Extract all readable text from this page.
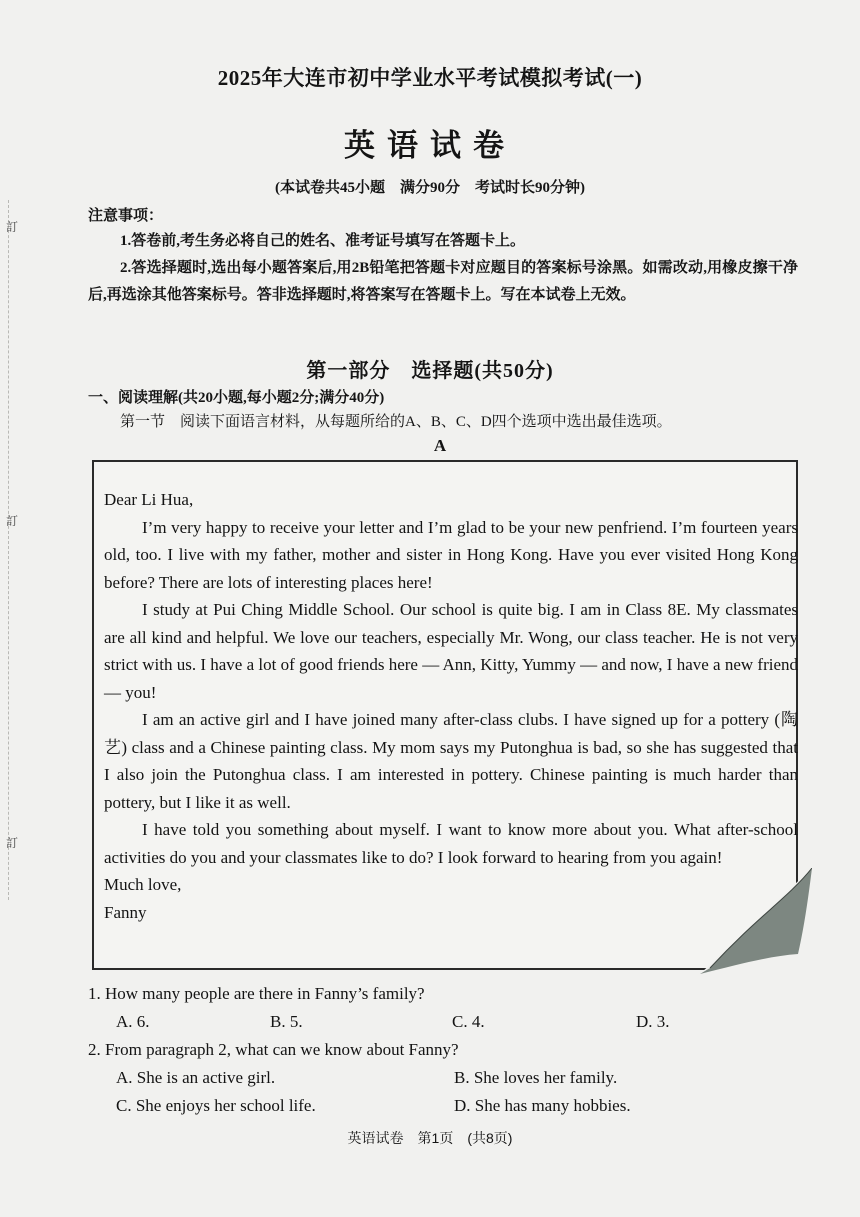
訂
訂
訂
2025年大连市初中学业水平考试模拟考试(一)
英语试卷
(本试卷共45小题　满分90分　考试时长90分钟)
注意事项：
1.答卷前,考生务必将自己的姓名、准考证号填写在答题卡上。
2.答选择题时,选出每小题答案后,用2B铅笔把答题卡对应题目的答案标号涂黑。如需改动,用橡皮擦干净后,再选涂其他答案标号。答非选择题时,将答案写在答题卡上。写在本试卷上无效。
第一部分　选择题(共50分)
一、阅读理解(共20小题,每小题2分;满分40分)
第一节　阅读下面语言材料，从每题所给的A、B、C、D四个选项中选出最佳选项。
A

Dear Li Hua,

I’m very happy to receive your letter and I’m glad to be your new penfriend. I’m fourteen years old, too. I live with my father, mother and sister in Hong Kong. Have you ever visited Hong Kong before? There are lots of interesting places here!

I study at Pui Ching Middle School. Our school is quite big. I am in Class 8E. My classmates are all kind and helpful. We love our teachers, especially Mr. Wong, our class teacher. He is not very strict with us. I have a lot of good friends here — Ann, Kitty, Yummy — and now, I have a new friend — you!

I am an active girl and I have joined many after-class clubs. I have signed up for a pottery (陶艺) class and a Chinese painting class. My mom says my Putonghua is bad, so she has suggested that I also join the Putonghua class. I am interested in pottery. Chinese painting is much harder than pottery, but I like it as well.

I have told you something about myself. I want to know more about you. What after-school activities do you and your classmates like to do? I look forward to hearing from you again!

Much love,

Fanny

1. How many people are there in Fanny’s family?
A. 6.	B. 5.	C. 4.	D. 3.
2. From paragraph 2, what can we know about Fanny?
A. She is an active girl.	B. She loves her family.
C. She enjoys her school life.	D. She has many hobbies.
英语试卷　第1页　(共8页)
